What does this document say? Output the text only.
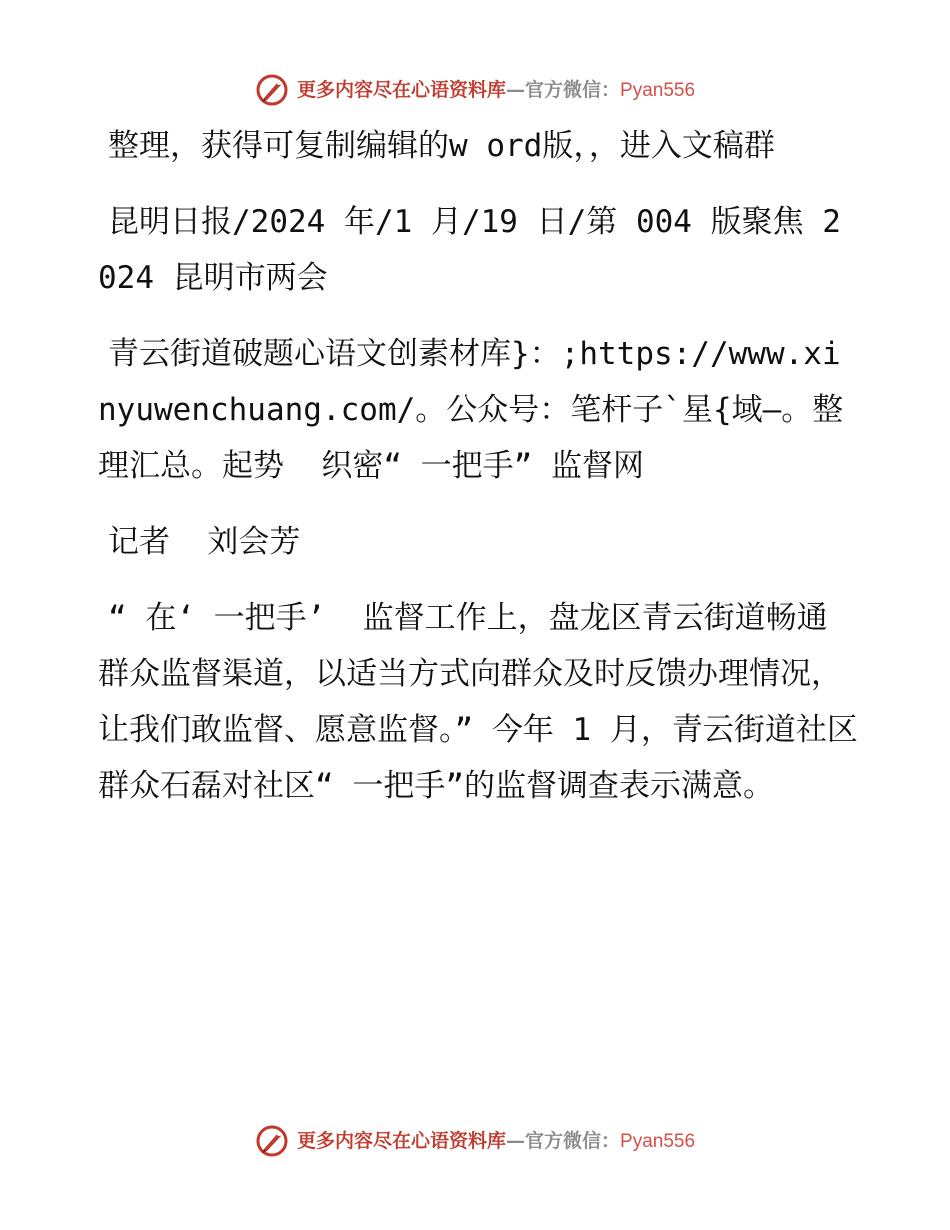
更多内容尽在心语资料库—官方微信：Pyan556

整理，获得可复制编辑的w ord版，，进入文稿群

昆明日报/2024 年/1 月/19 日/第 004 版聚焦 2024 昆明市两会

青云街道破题心语文创素材库}：;https://www.xinyuwenchuang.com/。公众号：笔杆子`星{域—。整理汇总。起势  织密“ 一把手” 监督网

记者  刘会芳

“ 在‘ 一把手’  监督工作上，盘龙区青云街道畅通群众监督渠道，以适当方式向群众及时反馈办理情况，让我们敢监督、愿意监督。” 今年 1 月，青云街道社区群众石磊对社区“ 一把手”的监督调查表示满意。

更多内容尽在心语资料库—官方微信：Pyan556
